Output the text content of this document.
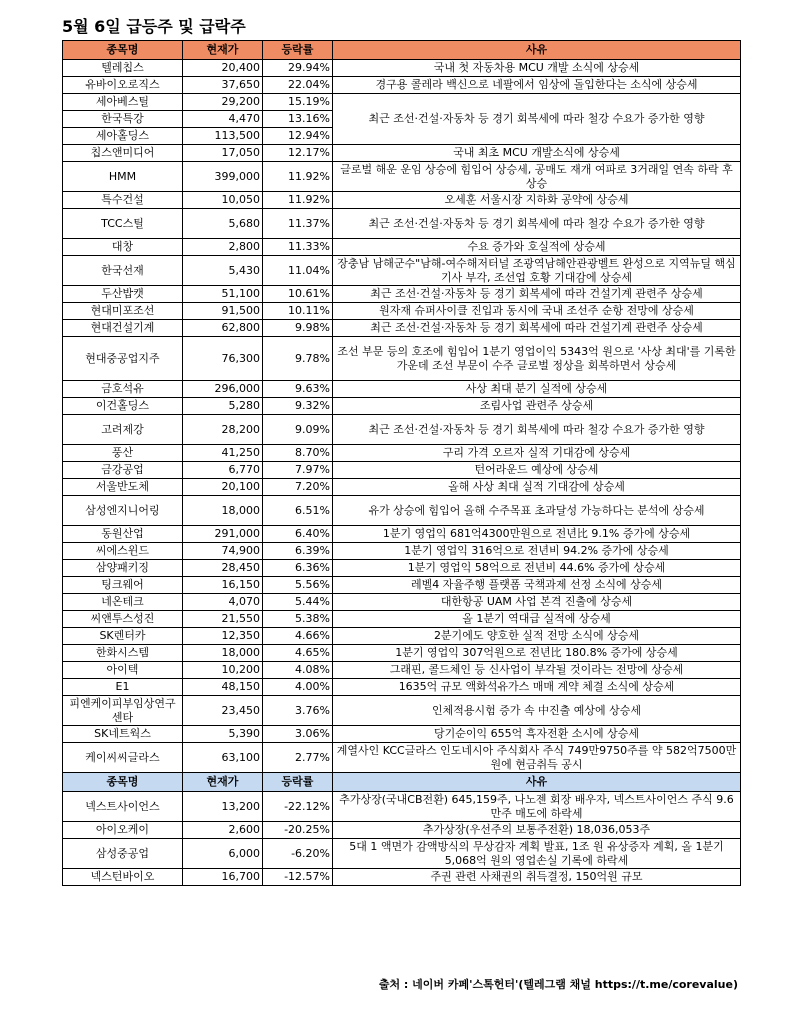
5월 6일 급등주 및 급락주
종목명	현재가	등락률	사유
텔레칩스	20,400	29.94%	국내 첫 자동차용 MCU 개발 소식에 상승세
유바이오로직스	37,650	22.04%	경구용 콜레라 백신으로 네팔에서 임상에 돌입한다는 소식에 상승세
세아베스틸	29,200	15.19%	최근 조선·건설·자동차 등 경기 회복세에 따라 철강 수요가 증가한 영향
한국특강	4,470	13.16%	
세아홀딩스	113,500	12.94%	
칩스앤미디어	17,050	12.17%	국내 최초 MCU 개발소식에 상승세
HMM	399,000	11.92%	글로벌 해운 운임 상승에 힘입어 상승세, 공매도 재개 여파로 3거래일 연속 하락 후 상승
특수건설	10,050	11.92%	오세훈 서울시장 지하화 공약에 상승세
TCC스틸	5,680	11.37%	최근 조선·건설·자동차 등 경기 회복세에 따라 철강 수요가 증가한 영향
대창	2,800	11.33%	수요 증가와 호실적에 상승세
한국선재	5,430	11.04%	장충남 남해군수"남해-여수해저터널 조광역남해안관광벨트 완성으로 지역뉴딜 핵심 기사 부각, 조선업 호황 기대감에 상승세
두산밥캣	51,100	10.61%	최근 조선·건설·자동차 등 경기 회복세에 따라 건설기계 관련주 상승세
현대미포조선	91,500	10.11%	원자재 슈퍼사이클 진입과 동시에 국내 조선주 순항 전망에 상승세
현대건설기계	62,800	9.98%	최근 조선·건설·자동차 등 경기 회복세에 따라 건설기계 관련주 상승세
현대중공업지주	76,300	9.78%	조선 부문 등의 호조에 힘입어 1분기 영업이익 5343억 원으로 '사상 최대'를 기록한 가운데 조선 부문이 수주 글로벌 정상을 회복하면서 상승세
금호석유	296,000	9.63%	사상 최대 분기 실적에 상승세
이건홀딩스	5,280	9.32%	조림사업 관련주 상승세
고려제강	28,200	9.09%	최근 조선·건설·자동차 등 경기 회복세에 따라 철강 수요가 증가한 영향
풍산	41,250	8.70%	구리 가격 오르자 실적 기대감에 상승세
금강공업	6,770	7.97%	턴어라운드 예상에 상승세
서울반도체	20,100	7.20%	올해 사상 최대 실적 기대감에 상승세
삼성엔지니어링	18,000	6.51%	유가 상승에 힘입어 올해 수주목표 초과달성 가능하다는 분석에 상승세
동원산업	291,000	6.40%	1분기 영업익 681억4300만원으로 전년比 9.1% 증가에 상승세
씨에스윈드	74,900	6.39%	1분기 영업익 316억으로 전년비 94.2% 증가에 상승세
삼양패키징	28,450	6.36%	1분기 영업익 58억으로 전년비 44.6% 증가에 상승세
팅크웨어	16,150	5.56%	레벨4 자율주행 플랫폼 국책과제 선정 소식에 상승세
네온테크	4,070	5.44%	대한항공 UAM 사업 본격 진출에 상승세
씨앤투스성진	21,550	5.38%	올 1분기 역대급 실적에 상승세
SK렌터카	12,350	4.66%	2분기에도 양호한 실적 전망 소식에 상승세
한화시스템	18,000	4.65%	1분기 영업익 307억원으로 전년比 180.8% 증가에 상승세
아이텍	10,200	4.08%	그래핀, 콜드체인 등 신사업이 부각될 것이라는 전망에 상승세
E1	48,150	4.00%	1635억 규모 액화석유가스 매매 계약 체결 소식에 상승세
피엔케이피부임상연구센타	23,450	3.76%	인체적용시험 증가 속 中진출 예상에 상승세
SK네트웍스	5,390	3.06%	당기순이익 655억 흑자전환 소시에 상승세
케이씨씨글라스	63,100	2.77%	계열사인 KCC글라스 인도네시아 주식회사 주식 749만9750주를 약 582억7500만원에 현금취득 공시
종목명	현재가	등락률	사유
넥스트사이언스	13,200	-22.12%	추가상장(국내CB전환) 645,159주, 나노젠 회장 배우자, 넥스트사이언스 주식 9.6만주 매도에 하락세
아이오케이	2,600	-20.25%	추가상장(우선주의 보통주전환) 18,036,053주
삼성중공업	6,000	-6.20%	5대 1 액면가 감액방식의 무상감자 계획 발표, 1조 원 유상증자 계획, 올 1분기 5,068억 원의 영업손실 기록에 하락세
넥스턴바이오	16,700	-12.57%	주권 관련 사채권의 취득결정, 150억원 규모
출처 : 네이버 카페'스톡헌터'(텔레그램 채널 https://t.me/corevalue)
